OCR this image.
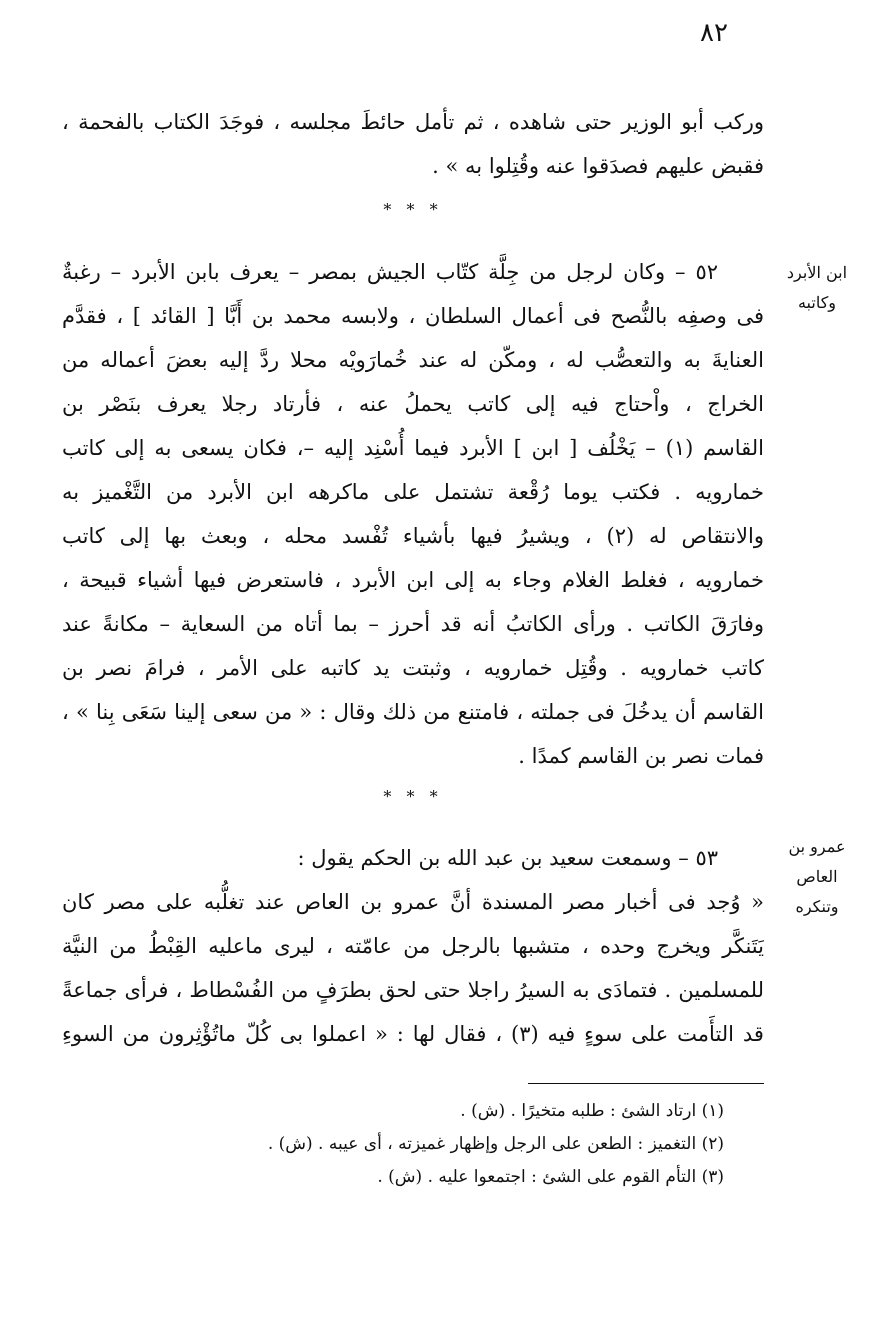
٨٢
وركب أبو الوزير حتى شاهده ، ثم تأمل حائطَ مجلسه ، فوجَدَ الكتاب بالفحمة ،
فقبض عليهم فصدَقوا عنه وقُتِلوا به » .
* * *
ابن الأبرد
وكاتبه
٥٢ – وكان لرجل من جِلَّة كتّاب الجيش بمصر – يعرف بابن الأبرد – رغبةٌ
فى وصفِه بالنُّصح فى أعمال السلطان ، ولابسه محمد بن أَبَّا [ القائد ] ، فقدَّم
العنايةَ به والتعصُّب له ، ومكّن له عند خُمارَويْه محلا ردَّ إليه بعضَ أعماله من
الخراج ، واْحتاج فيه إلى كاتب يحملُ عنه ، فأرتاد رجلا يعرف بنَصْر بن
القاسم (١) – يَخْلُف [ ابن ] الأبرد فيما أُسْنِد إليه –، فكان يسعى به إلى كاتب
خمارويه . فكتب يوما رُقْعة تشتمل على ماكرهه ابن الأبرد من التَّغْميز به
والانتقاص له (٢) ، ويشيرُ فيها بأشياء تُفْسد محله ، وبعث بها إلى كاتب
خمارويه ، فغلط الغلام وجاء به إلى ابن الأبرد ، فاستعرض فيها أشياء قبيحة ،
وفارَقَ الكاتب . ورأى الكاتبُ أنه قد أحرز – بما أتاه من السعاية – مكانةً عند
كاتب خمارويه . وقُتِل خمارويه ، وثبتت يد كاتبه على الأمر ، فرامَ نصر بن
القاسم أن يدخُلَ فى جملته ، فامتنع من ذلك وقال : « من سعى إلينا سَعَى بِنا » ،
فمات نصر بن القاسم كمدًا .
* * *
عمرو بن العاص
وتنكره
٥٣ – وسمعت سعيد بن عبد الله بن الحكم يقول :
« وُجد فى أخبار مصر المسندة أنَّ عمرو بن العاص عند تغلُّبه على مصر كان
يَتَنكَّر ويخرج وحده ، متشبها بالرجل من عامّته ، ليرى ماعليه القِبْطُ من النيَّة
للمسلمين . فتمادَى به السيرُ راجلا حتى لحق بطرَفٍ من الفُسْطاط ، فرأى جماعةً
قد التأَمت على سوءٍ فيه (٣) ، فقال لها : « اعملوا بى كُلّ ماتُؤْثِرون من السوءِ
(١) ارتاد الشئ : طلبه متخيرًا . (ش) .
(٢) التغميز : الطعن على الرجل وإظهار غميزته ، أى عيبه . (ش) .
(٣) التأم القوم على الشئ : اجتمعوا عليه . (ش) .
